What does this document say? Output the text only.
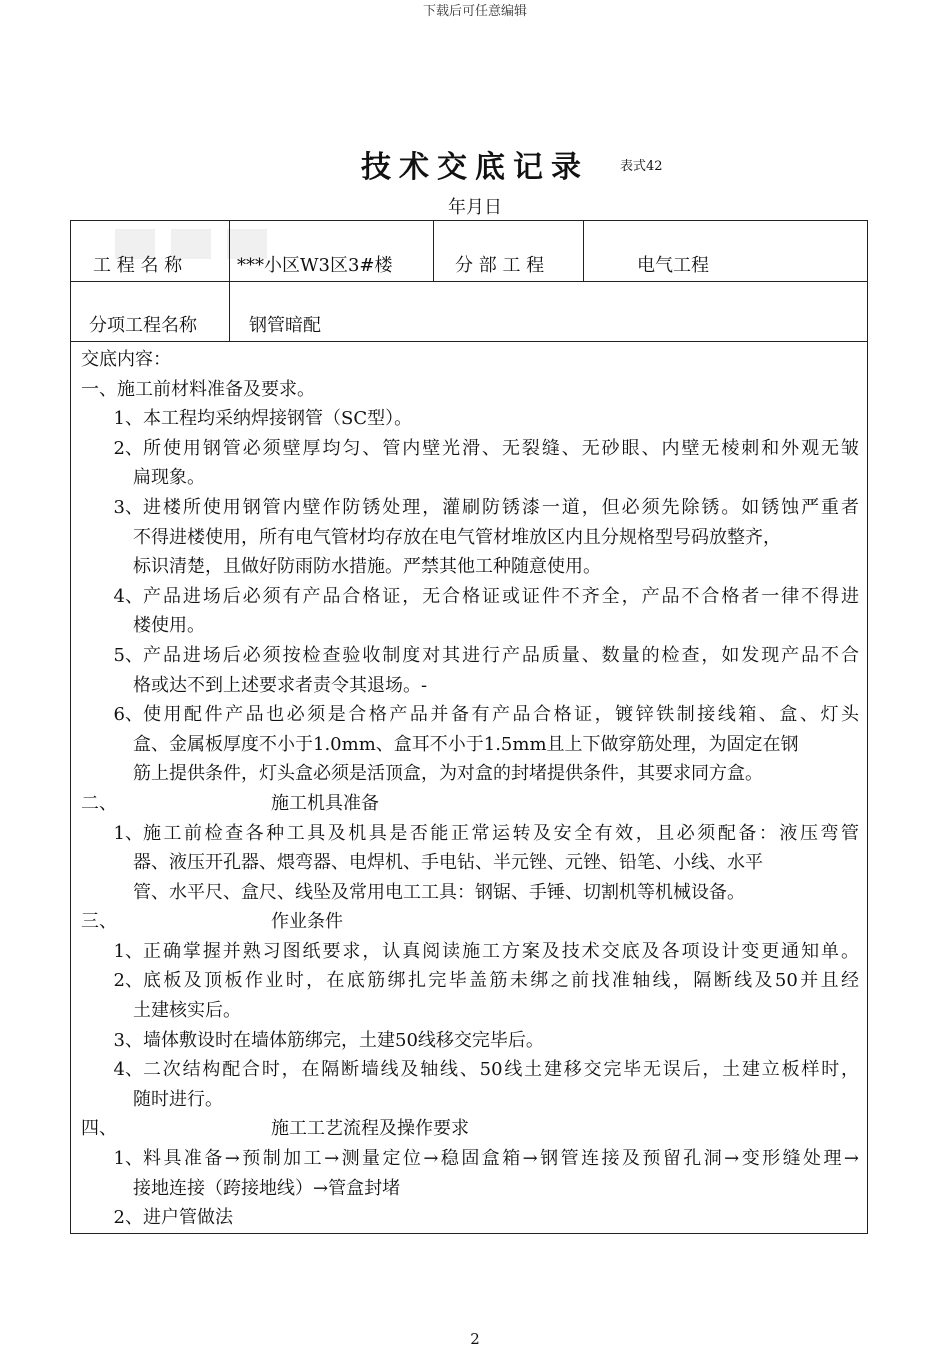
下载后可任意编辑
技术交底记录	表式42
年月日
工 程 名 称	***小区W3区3#楼	分 部 工 程	电气工程
分项工程名称	钢管暗配
交底内容：
一、施工前材料准备及要求。
1、 本工程均采纳焊接钢管（SC型）。
2、 所使用钢管必须壁厚均匀、管内壁光滑、无裂缝、无砂眼、内壁无棱刺和外观无皱
扁现象。
3、 进楼所使用钢管内壁作防锈处理，灌刷防锈漆一道，但必须先除锈。如锈蚀严重者
不得进楼使用，所有电气管材均存放在电气管材堆放区内且分规格型号码放整齐，
标识清楚，且做好防雨防水措施。严禁其他工种随意使用。
4、 产品进场后必须有产品合格证，无合格证或证件不齐全，产品不合格者一律不得进
楼使用。
5、 产品进场后必须按检查验收制度对其进行产品质量、数量的检查，如发现产品不合
格或达不到上述要求者责令其退场。-
6、 使用配件产品也必须是合格产品并备有产品合格证，镀锌铁制接线箱、盒、灯头
盒、金属板厚度不小于1.0mm、盒耳不小于1.5mm且上下做穿筋处理，为固定在钢
筋上提供条件，灯头盒必须是活顶盒，为对盒的封堵提供条件，其要求同方盒。
二、	施工机具准备
1、 施工前检查各种工具及机具是否能正常运转及安全有效，且必须配备：液压弯管
器、液压开孔器、煨弯器、电焊机、手电钻、半元锉、元锉、铅笔、小线、水平
管、水平尺、盒尺、线坠及常用电工工具：钢锯、手锤、切割机等机械设备。
三、	作业条件
1、 正确掌握并熟习图纸要求，认真阅读施工方案及技术交底及各项设计变更通知单。
2、 底板及顶板作业时，在底筋绑扎完毕盖筋未绑之前找准轴线，隔断线及50并且经
土建核实后。
3、 墙体敷设时在墙体筋绑完，土建50线移交完毕后。
4、 二次结构配合时，在隔断墙线及轴线、50线土建移交完毕无误后，土建立板样时，
随时进行。
四、	施工工艺流程及操作要求
1、 料具准备→预制加工→测量定位→稳固盒箱→钢管连接及预留孔洞→变形缝处理→
接地连接（跨接地线）→管盒封堵
2、 进户管做法
2
